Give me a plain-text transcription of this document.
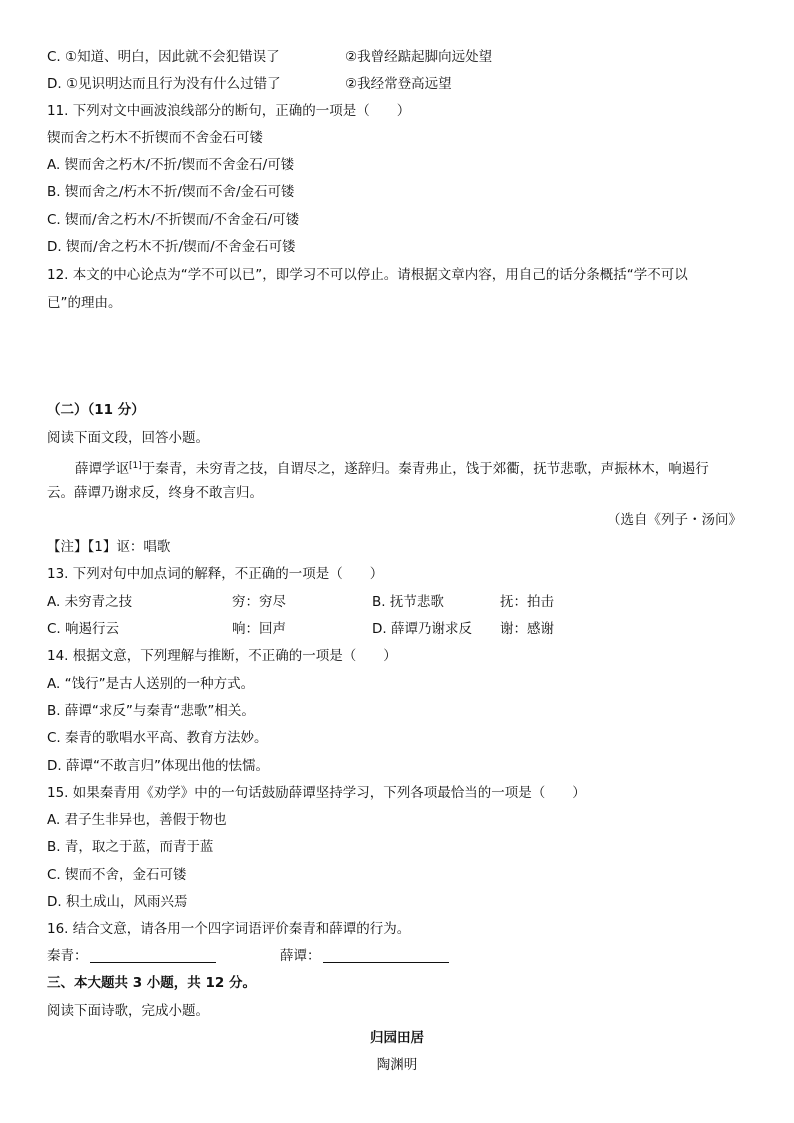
C. ①知道、明白，因此就不会犯错误了	②我曾经踮起脚向远处望
D. ①见识明达而且行为没有什么过错了	②我经常登高远望
11. 下列对文中画波浪线部分的断句，正确的一项是（　　）
锲而舍之朽木不折锲而不舍金石可镂
A. 锲而舍之朽木/不折/锲而不舍金石/可镂
B. 锲而舍之/朽木不折/锲而不舍/金石可镂
C. 锲而/舍之朽木/不折锲而/不舍金石/可镂
D. 锲而/舍之朽木不折/锲而/不舍金石可镂
12. 本文的中心论点为“学不可以已”，即学习不可以停止。请根据文章内容，用自己的话分条概括“学不可以
已”的理由。
（二）（11 分）
阅读下面文段，回答小题。
薛谭学讴[1]于秦青，未穷青之技，自谓尽之，遂辞归。秦青弗止，饯于郊衢，抚节悲歌，声振林木，响遏行
云。薛谭乃谢求反，终身不敢言归。
（选自《列子・汤问》
【注】【1】讴：唱歌
13. 下列对句中加点词的解释，不正确的一项是（　　）
A. 未穷青之技	穷：穷尽	B. 抚节悲歌	抚：拍击
C. 响遏行云	响：回声	D. 薛谭乃谢求反 谢：感谢
14. 根据文意，下列理解与推断，不正确的一项是（　　）
A. “饯行”是古人送别的一种方式。
B. 薛谭“求反”与秦青“悲歌”相关。
C. 秦青的歌唱水平高、教育方法妙。
D. 薛谭“不敢言归”体现出他的怯懦。
15. 如果秦青用《劝学》中的一句话鼓励薛谭坚持学习，下列各项最恰当的一项是（　　）
A. 君子生非异也，善假于物也
B. 青，取之于蓝，而青于蓝
C. 锲而不舍，金石可镂
D. 积土成山，风雨兴焉
16. 结合文意，请各用一个四字词语评价秦青和薛谭的行为。
秦青：	薛谭：
三、本大题共 3 小题，共 12 分。
阅读下面诗歌，完成小题。
归园田居
陶渊明
